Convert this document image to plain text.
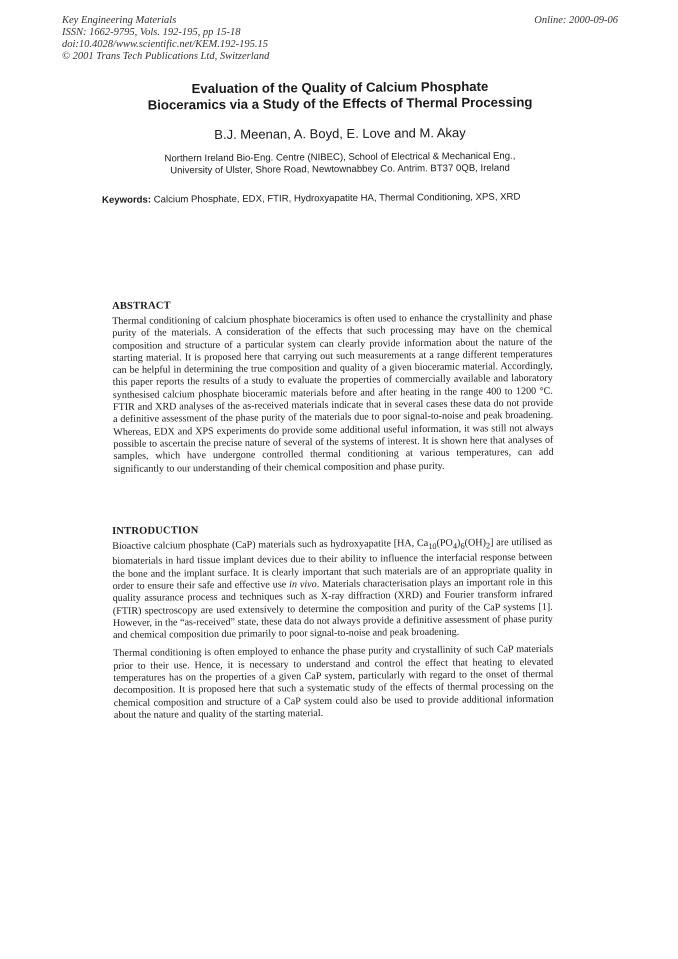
Key Engineering Materials
ISSN: 1662-9795, Vols. 192-195, pp 15-18
doi:10.4028/www.scientific.net/KEM.192-195.15
© 2001 Trans Tech Publications Ltd, Switzerland
Online: 2000-09-06
Evaluation of the Quality of Calcium Phosphate
Bioceramics via a Study of the Effects of Thermal Processing
B.J. Meenan, A. Boyd, E. Love and M. Akay
Northern Ireland Bio-Eng. Centre (NIBEC), School of Electrical & Mechanical Eng.,
University of Ulster, Shore Road, Newtownabbey Co. Antrim. BT37 0QB, Ireland
Keywords: Calcium Phosphate, EDX, FTIR, Hydroxyapatite HA, Thermal Conditioning, XPS, XRD
ABSTRACT

Thermal conditioning of calcium phosphate bioceramics is often used to enhance the crystallinity and phase purity of the materials. A consideration of the effects that such processing may have on the chemical composition and structure of a particular system can clearly provide information about the nature of the starting material. It is proposed here that carrying out such measurements at a range different temperatures can be helpful in determining the true composition and quality of a given bioceramic material. Accordingly, this paper reports the results of a study to evaluate the properties of commercially available and laboratory synthesised calcium phosphate bioceramic materials before and after heating in the range 400 to 1200 °C. FTIR and XRD analyses of the as-received materials indicate that in several cases these data do not provide a definitive assessment of the phase purity of the materials due to poor signal-to-noise and peak broadening. Whereas, EDX and XPS experiments do provide some additional useful information, it was still not always possible to ascertain the precise nature of several of the systems of interest. It is shown here that analyses of samples, which have undergone controlled thermal conditioning at various temperatures, can add significantly to our understanding of their chemical composition and phase purity.

INTRODUCTION

Bioactive calcium phosphate (CaP) materials such as hydroxyapatite [HA, $Ca_{10}(PO_4)_6(OH)_2$] are utilised as biomaterials in hard tissue implant devices due to their ability to influence the interfacial response between the bone and the implant surface. It is clearly important that such materials are of an appropriate quality in order to ensure their safe and effective use in vivo. Materials characterisation plays an important role in this quality assurance process and techniques such as X-ray diffraction (XRD) and Fourier transform infrared (FTIR) spectroscopy are used extensively to determine the composition and purity of the CaP systems [1]. However, in the “as-received” state, these data do not always provide a definitive assessment of phase purity and chemical composition due primarily to poor signal-to-noise and peak broadening.

Thermal conditioning is often employed to enhance the phase purity and crystallinity of such CaP materials prior to their use. Hence, it is necessary to understand and control the effect that heating to elevated temperatures has on the properties of a given CaP system, particularly with regard to the onset of thermal decomposition. It is proposed here that such a systematic study of the effects of thermal processing on the chemical composition and structure of a CaP system could also be used to provide additional information about the nature and quality of the starting material.
